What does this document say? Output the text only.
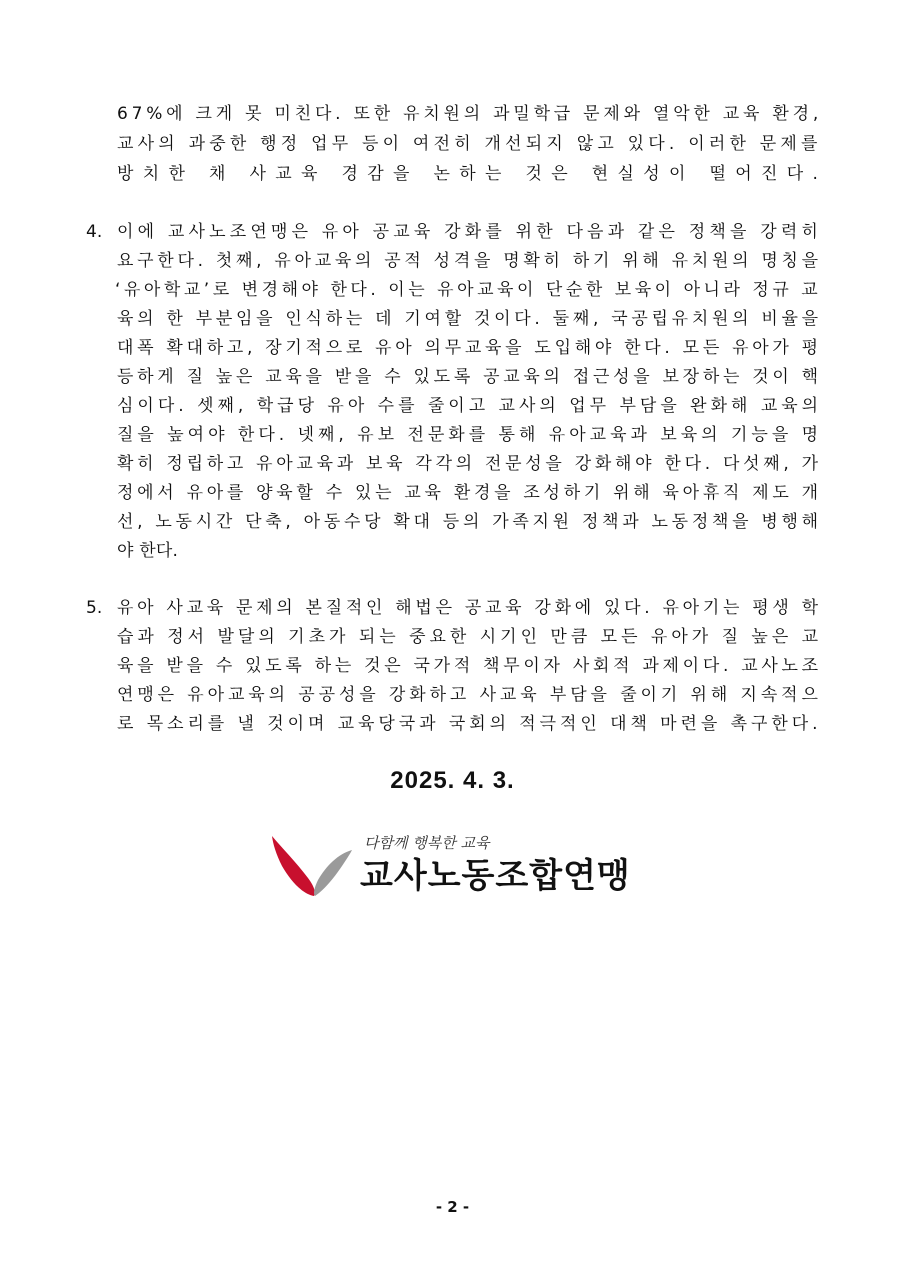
67%에 크게 못 미친다. 또한 유치원의 과밀학급 문제와 열악한 교육 환경,
교사의 과중한 행정 업무 등이 여전히 개선되지 않고 있다. 이러한 문제를
방치한 채 사교육 경감을 논하는 것은 현실성이 떨어진다.
4. 이에 교사노조연맹은 유아 공교육 강화를 위한 다음과 같은 정책을 강력히
요구한다. 첫째, 유아교육의 공적 성격을 명확히 하기 위해 유치원의 명칭을
‘유아학교’로 변경해야 한다. 이는 유아교육이 단순한 보육이 아니라 정규 교
육의 한 부분임을 인식하는 데 기여할 것이다. 둘째, 국공립유치원의 비율을
대폭 확대하고, 장기적으로 유아 의무교육을 도입해야 한다. 모든 유아가 평
등하게 질 높은 교육을 받을 수 있도록 공교육의 접근성을 보장하는 것이 핵
심이다. 셋째, 학급당 유아 수를 줄이고 교사의 업무 부담을 완화해 교육의
질을 높여야 한다. 넷째, 유보 전문화를 통해 유아교육과 보육의 기능을 명
확히 정립하고 유아교육과 보육 각각의 전문성을 강화해야 한다. 다섯째, 가
정에서 유아를 양육할 수 있는 교육 환경을 조성하기 위해 육아휴직 제도 개
선, 노동시간 단축, 아동수당 확대 등의 가족지원 정책과 노동정책을 병행해
야 한다.
5. 유아 사교육 문제의 본질적인 해법은 공교육 강화에 있다. 유아기는 평생 학
습과 정서 발달의 기초가 되는 중요한 시기인 만큼 모든 유아가 질 높은 교
육을 받을 수 있도록 하는 것은 국가적 책무이자 사회적 과제이다. 교사노조
연맹은 유아교육의 공공성을 강화하고 사교육 부담을 줄이기 위해 지속적으
로 목소리를 낼 것이며 교육당국과 국회의 적극적인 대책 마련을 촉구한다.
2025. 4. 3.
다함께 행복한 교육
교사노동조합연맹
- 2 -
